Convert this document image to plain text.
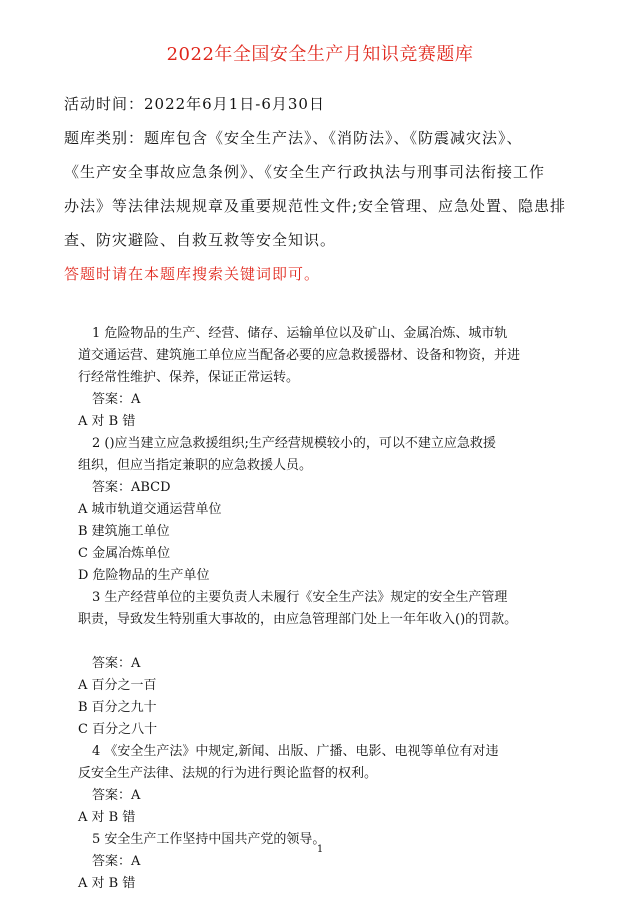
2022年全国安全生产月知识竞赛题库
活动时间：2022年6月1日-6月30日
题库类别：题库包含《安全生产法》、《消防法》、《防震减灾法》、
《生产安全事故应急条例》、《安全生产行政执法与刑事司法衔接工作
办法》等法律法规规章及重要规范性文件;安全管理、应急处置、隐患排
查、防灾避险、自救互救等安全知识。
答题时请在本题库搜索关键词即可。
1 危险物品的生产、经营、储存、运输单位以及矿山、金属冶炼、城市轨
道交通运营、建筑施工单位应当配备必要的应急救援器材、设备和物资，并进
行经常性维护、保养，保证正常运转。
答案：A
A 对 B 错
2 ()应当建立应急救援组织;生产经营规模较小的，可以不建立应急救援
组织，但应当指定兼职的应急救援人员。
答案：ABCD
A 城市轨道交通运营单位
B 建筑施工单位
C 金属冶炼单位
D 危险物品的生产单位
3 生产经营单位的主要负责人未履行《安全生产法》规定的安全生产管理
职责，导致发生特别重大事故的，由应急管理部门处上一年年收入()的罚款。
答案：A
A 百分之一百
B 百分之九十
C 百分之八十
4 《安全生产法》中规定,新闻、出版、广播、电影、电视等单位有对违
反安全生产法律、法规的行为进行舆论监督的权利。
答案：A
A 对 B 错
5 安全生产工作坚持中国共产党的领导。
答案：A
A 对 B 错
1
